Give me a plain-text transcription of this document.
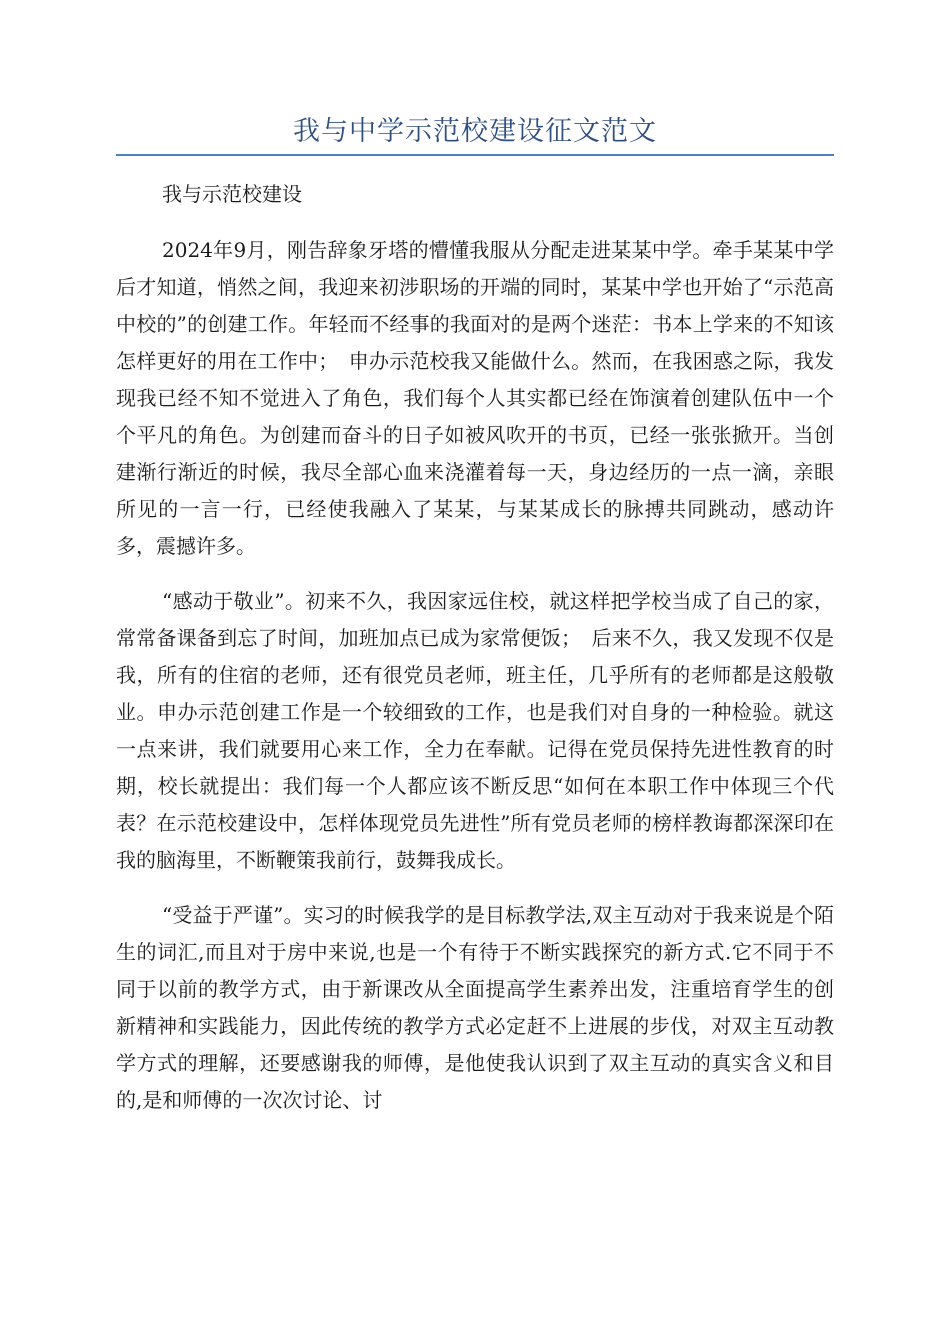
我与中学示范校建设征文范文

我与示范校建设

2024年9月，刚告辞象牙塔的懵懂我服从分配走进某某中学。牵手某某中学后才知道，悄然之间，我迎来初涉职场的开端的同时，某某中学也开始了“示范高中校的”的创建工作。年轻而不经事的我面对的是两个迷茫：书本上学来的不知该怎样更好的用在工作中；　申办示范校我又能做什么。然而，在我困惑之际，我发现我已经不知不觉进入了角色，我们每个人其实都已经在饰演着创建队伍中一个个平凡的角色。为创建而奋斗的日子如被风吹开的书页，已经一张张掀开。当创建渐行渐近的时候，我尽全部心血来浇灌着每一天，身边经历的一点一滴，亲眼所见的一言一行，已经使我融入了某某，与某某成长的脉搏共同跳动，感动许多，震撼许多。

“感动于敬业”。初来不久，我因家远住校，就这样把学校当成了自己的家，常常备课备到忘了时间，加班加点已成为家常便饭；　后来不久，我又发现不仅是我，所有的住宿的老师，还有很党员老师，班主任，几乎所有的老师都是这般敬业。申办示范创建工作是一个较细致的工作，也是我们对自身的一种检验。就这一点来讲，我们就要用心来工作，全力在奉献。记得在党员保持先进性教育的时期，校长就提出：我们每一个人都应该不断反思“如何在本职工作中体现三个代表？在示范校建设中，怎样体现党员先进性”所有党员老师的榜样教诲都深深印在我的脑海里，不断鞭策我前行，鼓舞我成长。

“受益于严谨”。实习的时候我学的是目标教学法,双主互动对于我来说是个陌生的词汇,而且对于房中来说,也是一个有待于不断实践探究的新方式.它不同于不同于以前的教学方式，由于新课改从全面提高学生素养出发，注重培育学生的创新精神和实践能力，因此传统的教学方式必定赶不上进展的步伐，对双主互动教学方式的理解，还要感谢我的师傅，是他使我认识到了双主互动的真实含义和目的,是和师傅的一次次讨论、讨
